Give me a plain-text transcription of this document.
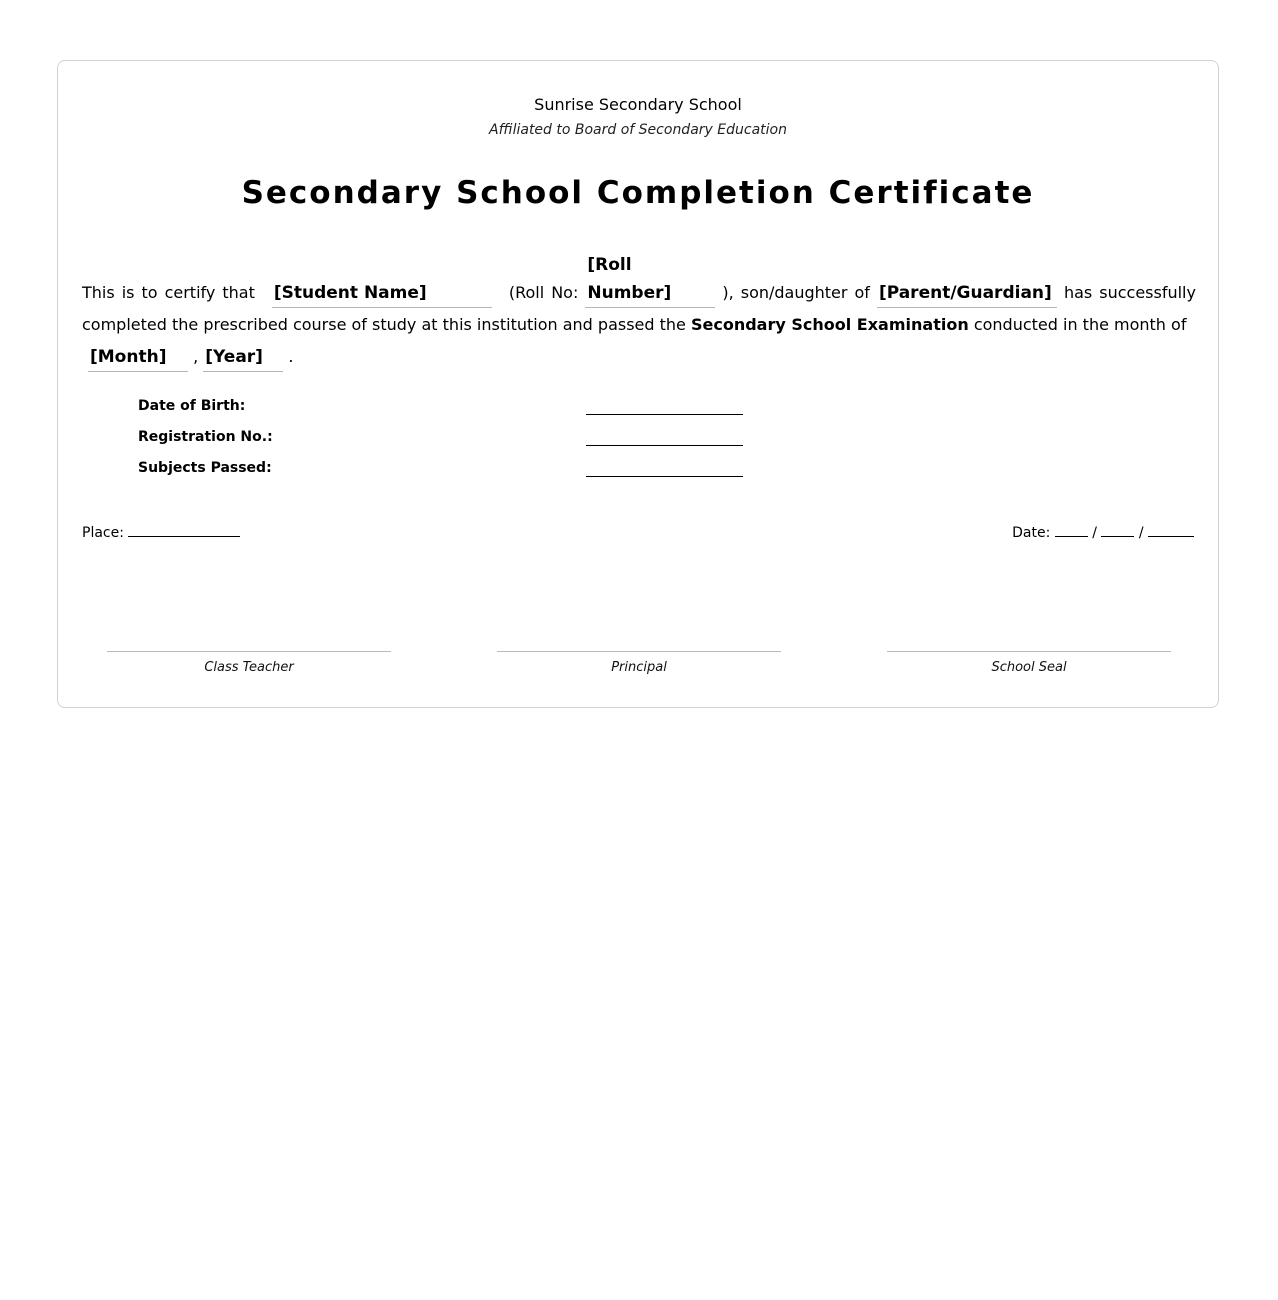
Sunrise Secondary School
Affiliated to Board of Secondary Education
Secondary School Completion Certificate
This is to certify that [Student Name]	(Roll No: [Roll Number]	), son/daughter of [Parent/Guardian] has successfully completed the prescribed course of study at this institution and passed the Secondary School Examination conducted in the month of
[Month] , [Year] .
Date of Birth:
Registration No.:
Subjects Passed:
Place:	Date:	/	/
Class Teacher	Principal	School Seal
